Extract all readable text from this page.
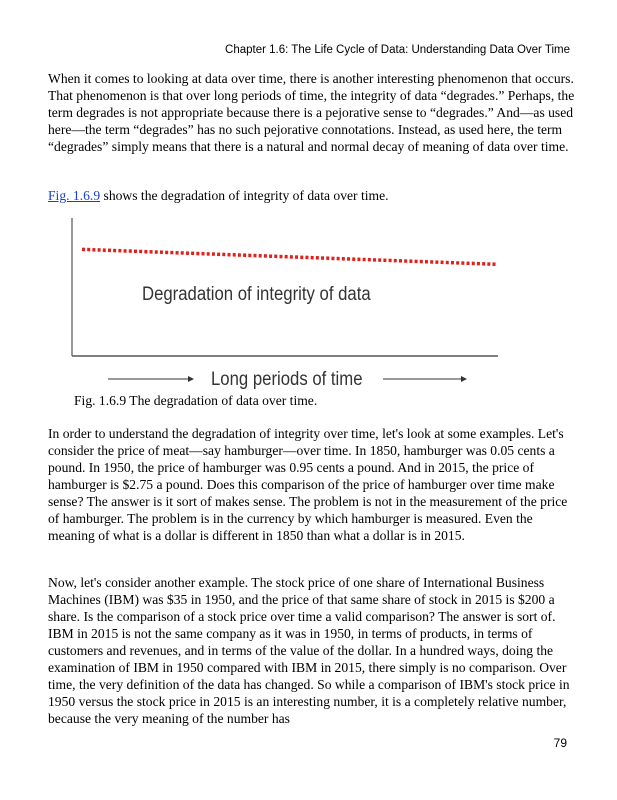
Chapter 1.6: The Life Cycle of Data: Understanding Data Over Time

When it comes to looking at data over time, there is another interesting phenomenon that occurs. That phenomenon is that over long periods of time, the integrity of data “degrades.” Perhaps, the term degrades is not appropriate because there is a pejorative sense to “degrades.” And—as used here—the term “degrades” has no such pejorative connotations. Instead, as used here, the term “degrades” simply means that there is a natural and normal decay of meaning of data over time.

Fig. 1.6.9 shows the degradation of integrity of data over time.

Degradation of integrity of data
Long periods of time
Fig. 1.6.9 The degradation of data over time.

In order to understand the degradation of integrity over time, let's look at some examples. Let's consider the price of meat—say hamburger—over time. In 1850, hamburger was 0.05 cents a pound. In 1950, the price of hamburger was 0.95 cents a pound. And in 2015, the price of hamburger is $2.75 a pound. Does this comparison of the price of hamburger over time make sense? The answer is it sort of makes sense. The problem is not in the measurement of the price of hamburger. The problem is in the currency by which hamburger is measured. Even the meaning of what is a dollar is different in 1850 than what a dollar is in 2015.

Now, let's consider another example. The stock price of one share of International Business Machines (IBM) was $35 in 1950, and the price of that same share of stock in 2015 is $200 a share. Is the comparison of a stock price over time a valid comparison? The answer is sort of. IBM in 2015 is not the same company as it was in 1950, in terms of products, in terms of customers and revenues, and in terms of the value of the dollar. In a hundred ways, doing the examination of IBM in 1950 compared with IBM in 2015, there simply is no comparison. Over time, the very definition of the data has changed. So while a comparison of IBM's stock price in 1950 versus the stock price in 2015 is an interesting number, it is a completely relative number, because the very meaning of the number has

79
